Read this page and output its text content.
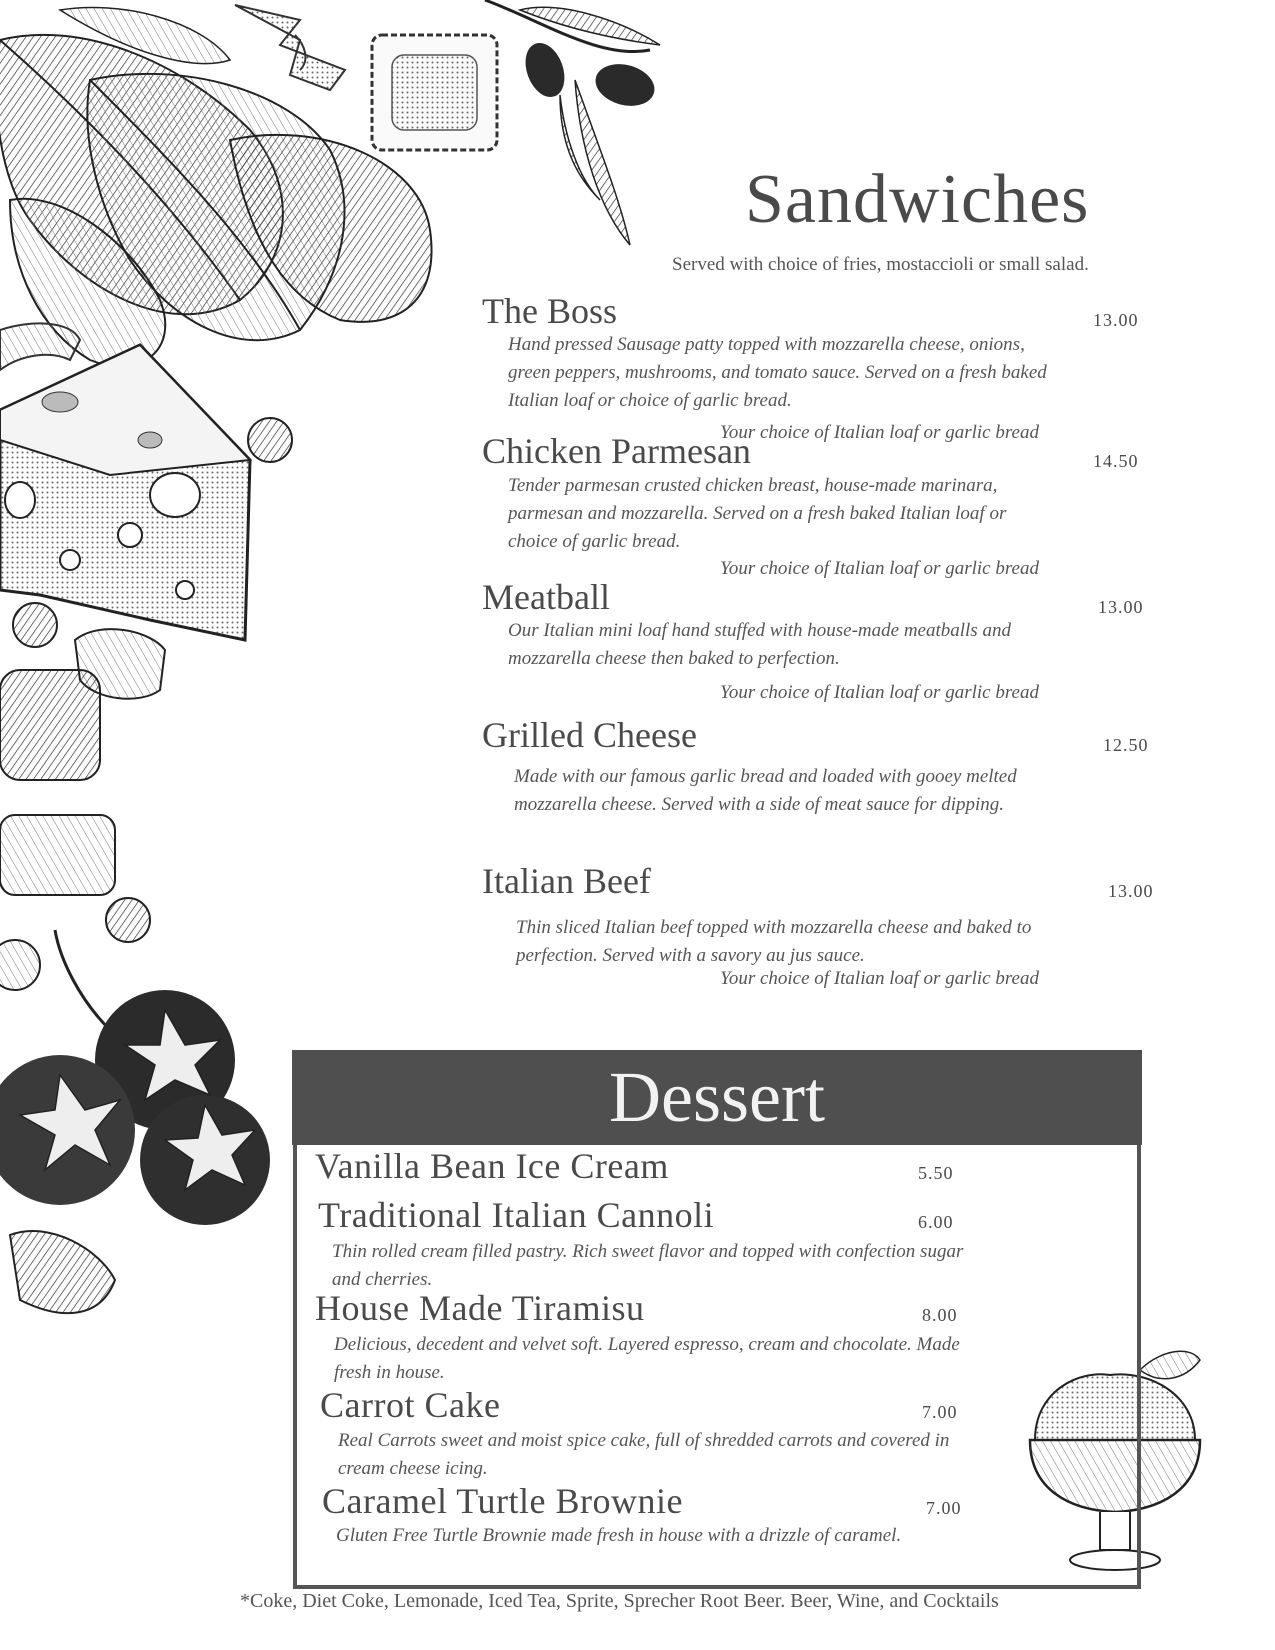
Sandwiches
Served with choice of fries, mostaccioli or small salad.
The Boss	13.00
Hand pressed Sausage patty topped with mozzarella cheese, onions, green peppers, mushrooms, and tomato sauce. Served on a fresh baked Italian loaf or choice of garlic bread.
Your choice of Italian loaf or garlic bread
Chicken Parmesan	14.50
Tender parmesan crusted chicken breast, house-made marinara, parmesan and mozzarella. Served on a fresh baked Italian loaf or choice of garlic bread.
Your choice of Italian loaf or garlic bread
Meatball	13.00
Our Italian mini loaf hand stuffed with house-made meatballs and mozzarella cheese then baked to perfection.
Your choice of Italian loaf or garlic bread
Grilled Cheese	12.50
Made with our famous garlic bread and loaded with gooey melted mozzarella cheese. Served with a side of meat sauce for dipping.
Italian Beef	13.00
Thin sliced Italian beef topped with mozzarella cheese and baked to perfection. Served with a savory au jus sauce.
Your choice of Italian loaf or garlic bread
Dessert
Vanilla Bean Ice Cream	5.50
Traditional Italian Cannoli	6.00
Thin rolled cream filled pastry. Rich sweet flavor and topped with confection sugar and cherries.
House Made Tiramisu	8.00
Delicious, decedent and velvet soft. Layered espresso, cream and chocolate. Made fresh in house.
Carrot Cake	7.00
Real Carrots sweet and moist spice cake, full of shredded carrots and covered in cream cheese icing.
Caramel Turtle Brownie	7.00
Gluten Free Turtle Brownie made fresh in house with a drizzle of caramel.
*Coke, Diet Coke, Lemonade, Iced Tea, Sprite, Sprecher Root Beer. Beer, Wine, and Cocktails
